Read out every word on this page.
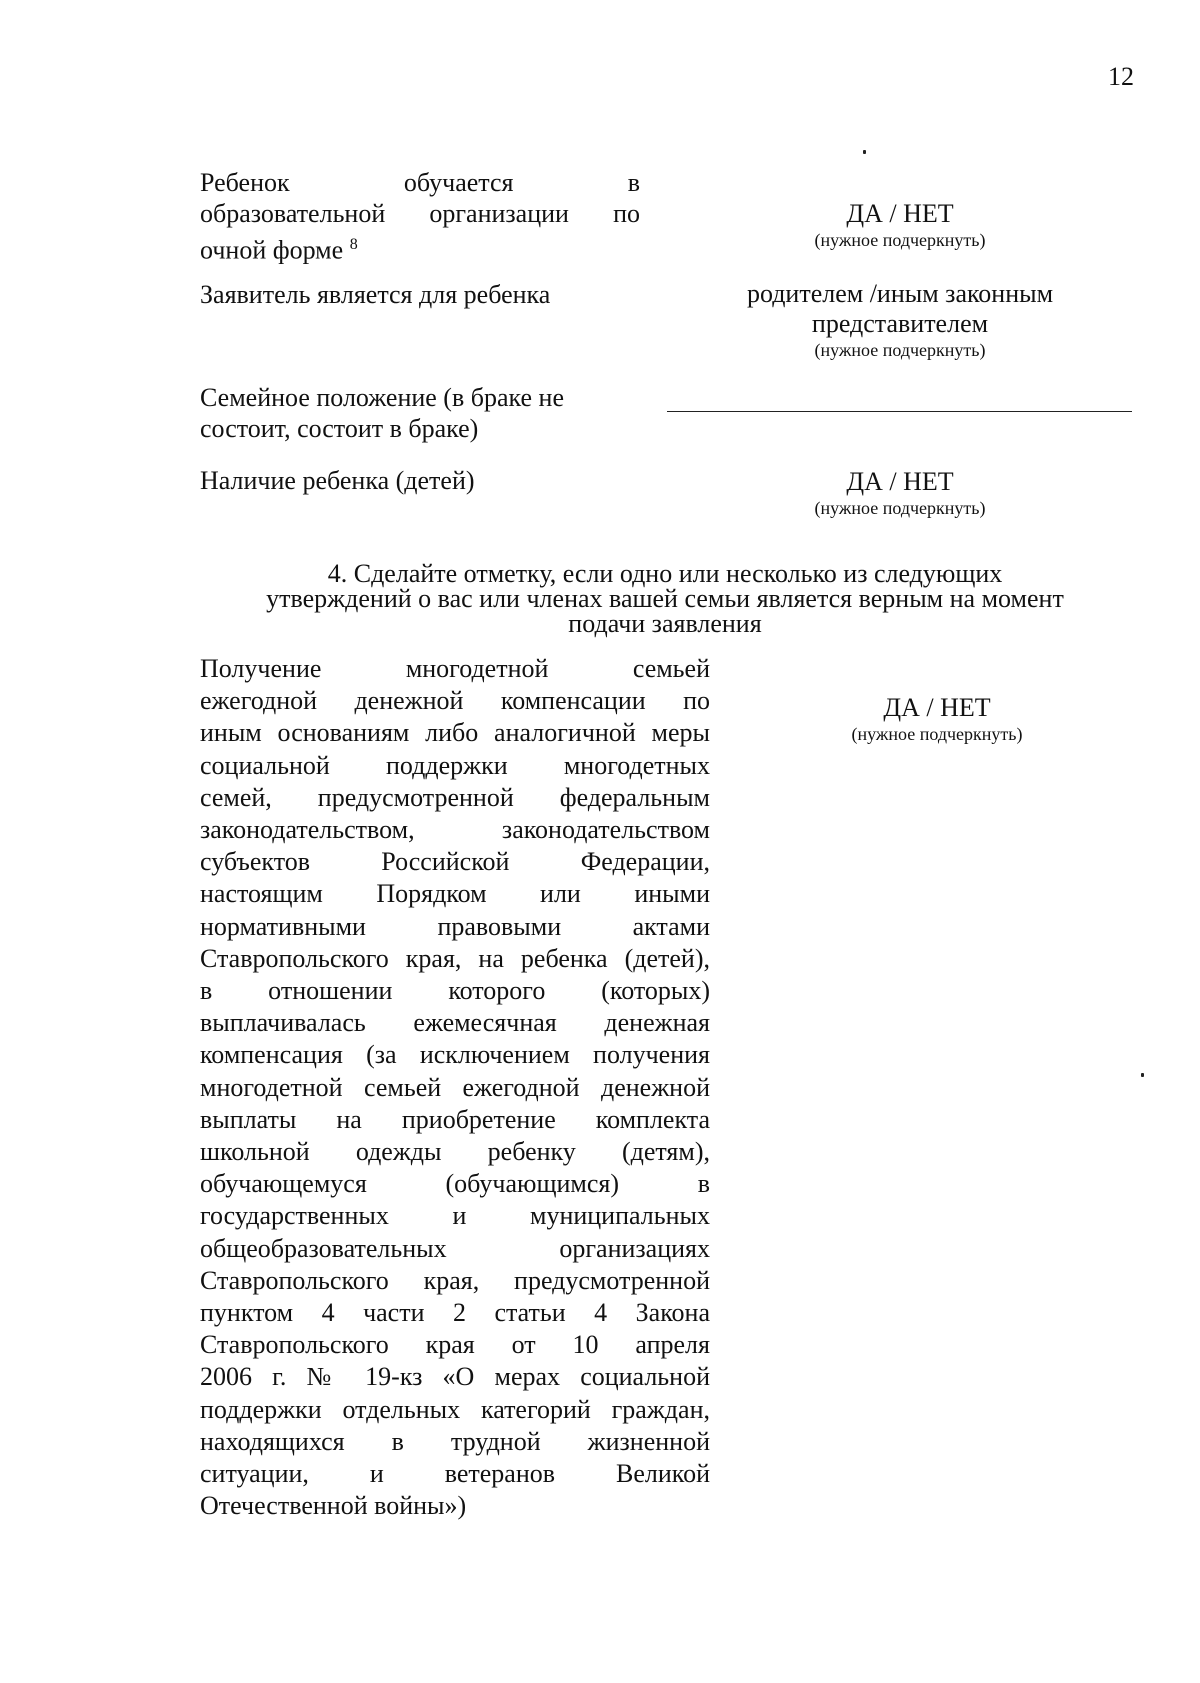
12
Ребенок обучается в
образовательной организации по
очной форме $^8$
ДА / НЕТ
(нужное подчеркнуть)
Заявитель является для ребенка	родителем /иным законным
представителем
(нужное подчеркнуть)
Семейное положение (в браке не
состоит, состоит в браке)
Наличие ребенка (детей)	ДА / НЕТ
(нужное подчеркнуть)
4. Сделайте отметку, если одно или несколько из следующих
утверждений о вас или членах вашей семьи является верным на момент
подачи заявления
Получение многодетной семьей
ежегодной денежной компенсации по
иным основаниям либо аналогичной меры
социальной поддержки многодетных
семей, предусмотренной федеральным
законодательством, законодательством
субъектов Российской Федерации,
настоящим Порядком или иными
нормативными правовыми актами
Ставропольского края, на ребенка (детей),
в отношении которого (которых)
выплачивалась ежемесячная денежная
компенсация (за исключением получения
многодетной семьей ежегодной денежной
выплаты на приобретение комплекта
школьной одежды ребенку (детям),
обучающемуся (обучающимся) в
государственных и муниципальных
общеобразовательных организациях
Ставропольского края, предусмотренной
пунктом 4 части 2 статьи 4 Закона
Ставропольского края от 10 апреля
2006 г. № 19-кз «О мерах социальной
поддержки отдельных категорий граждан,
находящихся в трудной жизненной
ситуации, и ветеранов Великой
Отечественной войны»)
ДА / НЕТ
(нужное подчеркнуть)
